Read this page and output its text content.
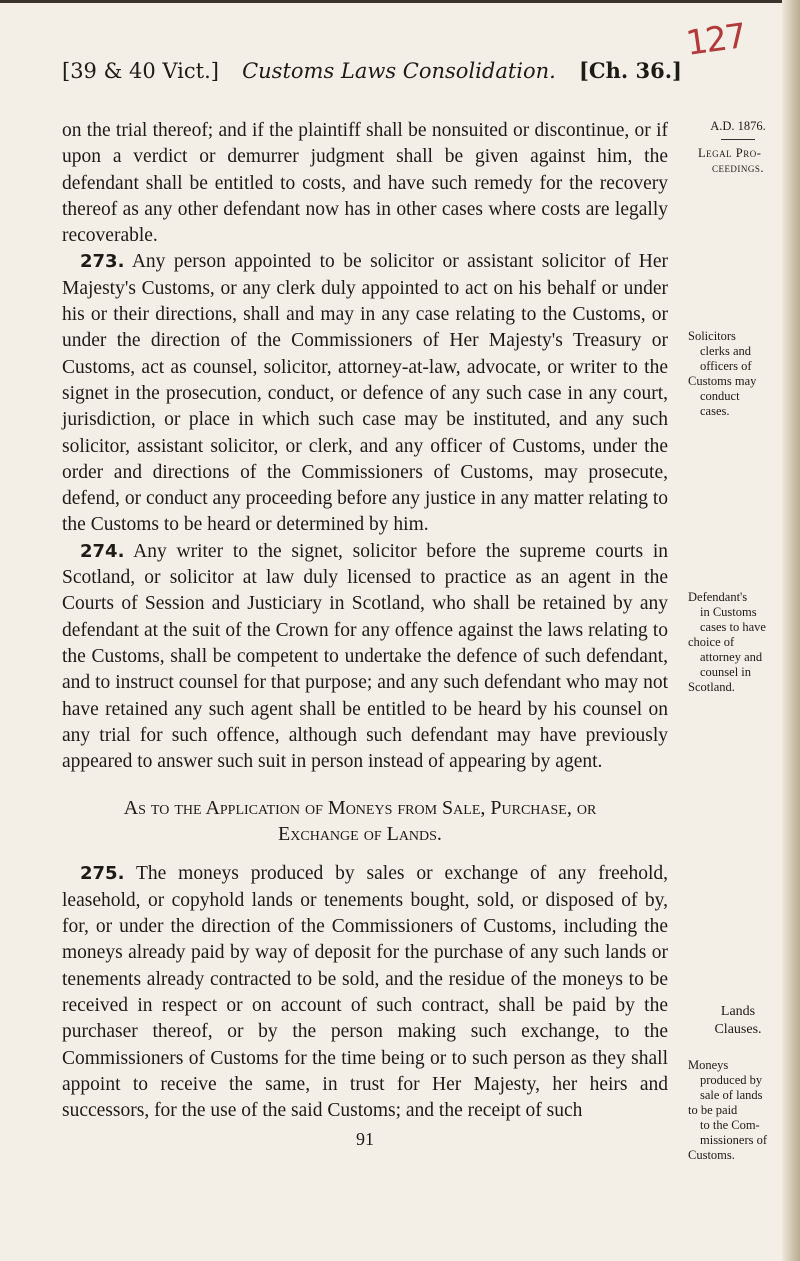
127
[39 & 40 Vict.] Customs Laws Consolidation. [Ch. 36.]

on the trial thereof; and if the plaintiff shall be nonsuited or discontinue, or if upon a verdict or demurrer judgment shall be given against him, the defendant shall be entitled to costs, and have such remedy for the recovery thereof as any other defendant now has in other cases where costs are legally recoverable.

273. Any person appointed to be solicitor or assistant solicitor of Her Majesty's Customs, or any clerk duly appointed to act on his behalf or under his or their directions, shall and may in any case relating to the Customs, or under the direction of the Commissioners of Her Majesty's Treasury or Customs, act as counsel, solicitor, attorney-at-law, advocate, or writer to the signet in the prosecution, conduct, or defence of any such case in any court, jurisdiction, or place in which such case may be instituted, and any such solicitor, assistant solicitor, or clerk, and any officer of Customs, under the order and directions of the Commissioners of Customs, may prosecute, defend, or conduct any proceeding before any justice in any matter relating to the Customs to be heard or determined by him.

274. Any writer to the signet, solicitor before the supreme courts in Scotland, or solicitor at law duly licensed to practice as an agent in the Courts of Session and Justiciary in Scotland, who shall be retained by any defendant at the suit of the Crown for any offence against the laws relating to the Customs, shall be competent to undertake the defence of such defendant, and to instruct counsel for that purpose; and any such defendant who may not have retained any such agent shall be entitled to be heard by his counsel on any trial for such offence, although such defendant may have previously appeared to answer such suit in person instead of appearing by agent.

As to the Application of Moneys from Sale, Purchase, or
Exchange of Lands.

275. The moneys produced by sales or exchange of any freehold, leasehold, or copyhold lands or tenements bought, sold, or disposed of by, for, or under the direction of the Commissioners of Customs, including the moneys already paid by way of deposit for the purchase of any such lands or tenements already contracted to be sold, and the residue of the moneys to be received in respect or on account of such contract, shall be paid by the purchaser thereof, or by the person making such exchange, to the Commissioners of Customs for the time being or to such person as they shall appoint to receive the same, in trust for Her Majesty, her heirs and successors, for the use of the said Customs; and the receipt of such

91
A.D. 1876.
Legal Pro-
ceedings.
Solicitors
clerks and
officers of
Customs may
conduct
cases.
Defendant's
in Customs
cases to have
choice of
attorney and
counsel in
Scotland.
Lands
Clauses.
Moneys
produced by
sale of lands
to be paid
to the Com-
missioners of
Customs.
